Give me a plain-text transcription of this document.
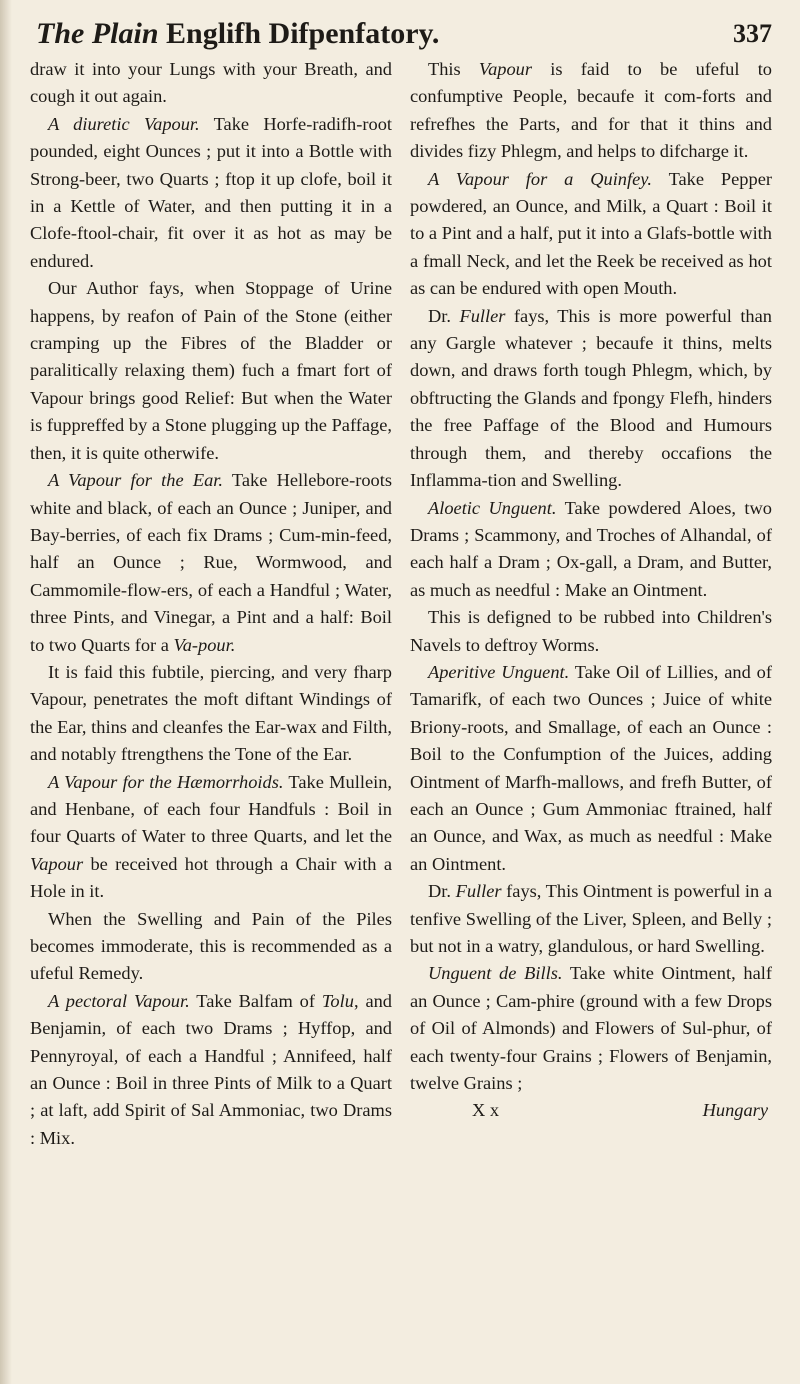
The Plain Englifh Difpenfatory.	337

draw it into your Lungs with your Breath, and cough it out again.

A diuretic Vapour. Take Horfe-radifh-root pounded, eight Ounces ; put it into a Bottle with Strong-beer, two Quarts ; ftop it up clofe, boil it in a Kettle of Water, and then putting it in a Clofe-ftool-chair, fit over it as hot as may be endured.

Our Author fays, when Stoppage of Urine happens, by reafon of Pain of the Stone (either cramping up the Fibres of the Bladder or paralitically relaxing them) fuch a fmart fort of Vapour brings good Relief: But when the Water is fuppreffed by a Stone plugging up the Paffage, then, it is quite otherwife.

A Vapour for the Ear. Take Hellebore-roots white and black, of each an Ounce ; Juniper, and Bay-berries, of each fix Drams ; Cum-min-feed, half an Ounce ; Rue, Wormwood, and Cammomile-flow-ers, of each a Handful ; Water, three Pints, and Vinegar, a Pint and a half: Boil to two Quarts for a Va-pour.

It is faid this fubtile, piercing, and very fharp Vapour, penetrates the moft diftant Windings of the Ear, thins and cleanfes the Ear-wax and Filth, and notably ftrengthens the Tone of the Ear.

A Vapour for the Hæmorrhoids. Take Mullein, and Henbane, of each four Handfuls : Boil in four Quarts of Water to three Quarts, and let the Vapour be received hot through a Chair with a Hole in it.

When the Swelling and Pain of the Piles becomes immoderate, this is recommended as a ufeful Remedy.

A pectoral Vapour. Take Balfam of Tolu, and Benjamin, of each two Drams ; Hyffop, and Pennyroyal, of each a Handful ; Annifeed, half an Ounce : Boil in three Pints of Milk to a Quart ; at laft, add Spirit of Sal Ammoniac, two Drams : Mix.

This Vapour is faid to be ufeful to confumptive People, becaufe it com-forts and refrefhes the Parts, and for that it thins and divides fizy Phlegm, and helps to difcharge it.

A Vapour for a Quinfey. Take Pepper powdered, an Ounce, and Milk, a Quart : Boil it to a Pint and a half, put it into a Glafs-bottle with a fmall Neck, and let the Reek be received as hot as can be endured with open Mouth.

Dr. Fuller fays, This is more powerful than any Gargle whatever ; becaufe it thins, melts down, and draws forth tough Phlegm, which, by obftructing the Glands and fpongy Flefh, hinders the free Paffage of the Blood and Humours through them, and thereby occafions the Inflamma-tion and Swelling.

Aloetic Unguent. Take powdered Aloes, two Drams ; Scammony, and Troches of Alhandal, of each half a Dram ; Ox-gall, a Dram, and Butter, as much as needful : Make an Ointment.

This is defigned to be rubbed into Children's Navels to deftroy Worms.

Aperitive Unguent. Take Oil of Lillies, and of Tamarifk, of each two Ounces ; Juice of white Briony-roots, and Smallage, of each an Ounce : Boil to the Confumption of the Juices, adding Ointment of Marfh-mallows, and frefh Butter, of each an Ounce ; Gum Ammoniac ftrained, half an Ounce, and Wax, as much as needful : Make an Ointment.

Dr. Fuller fays, This Ointment is powerful in a tenfive Swelling of the Liver, Spleen, and Belly ; but not in a watry, glandulous, or hard Swelling.

Unguent de Bills. Take white Ointment, half an Ounce ; Cam-phire (ground with a few Drops of Oil of Almonds) and Flowers of Sul-phur, of each twenty-four Grains ; Flowers of Benjamin, twelve Grains ;

X x	Hungary
